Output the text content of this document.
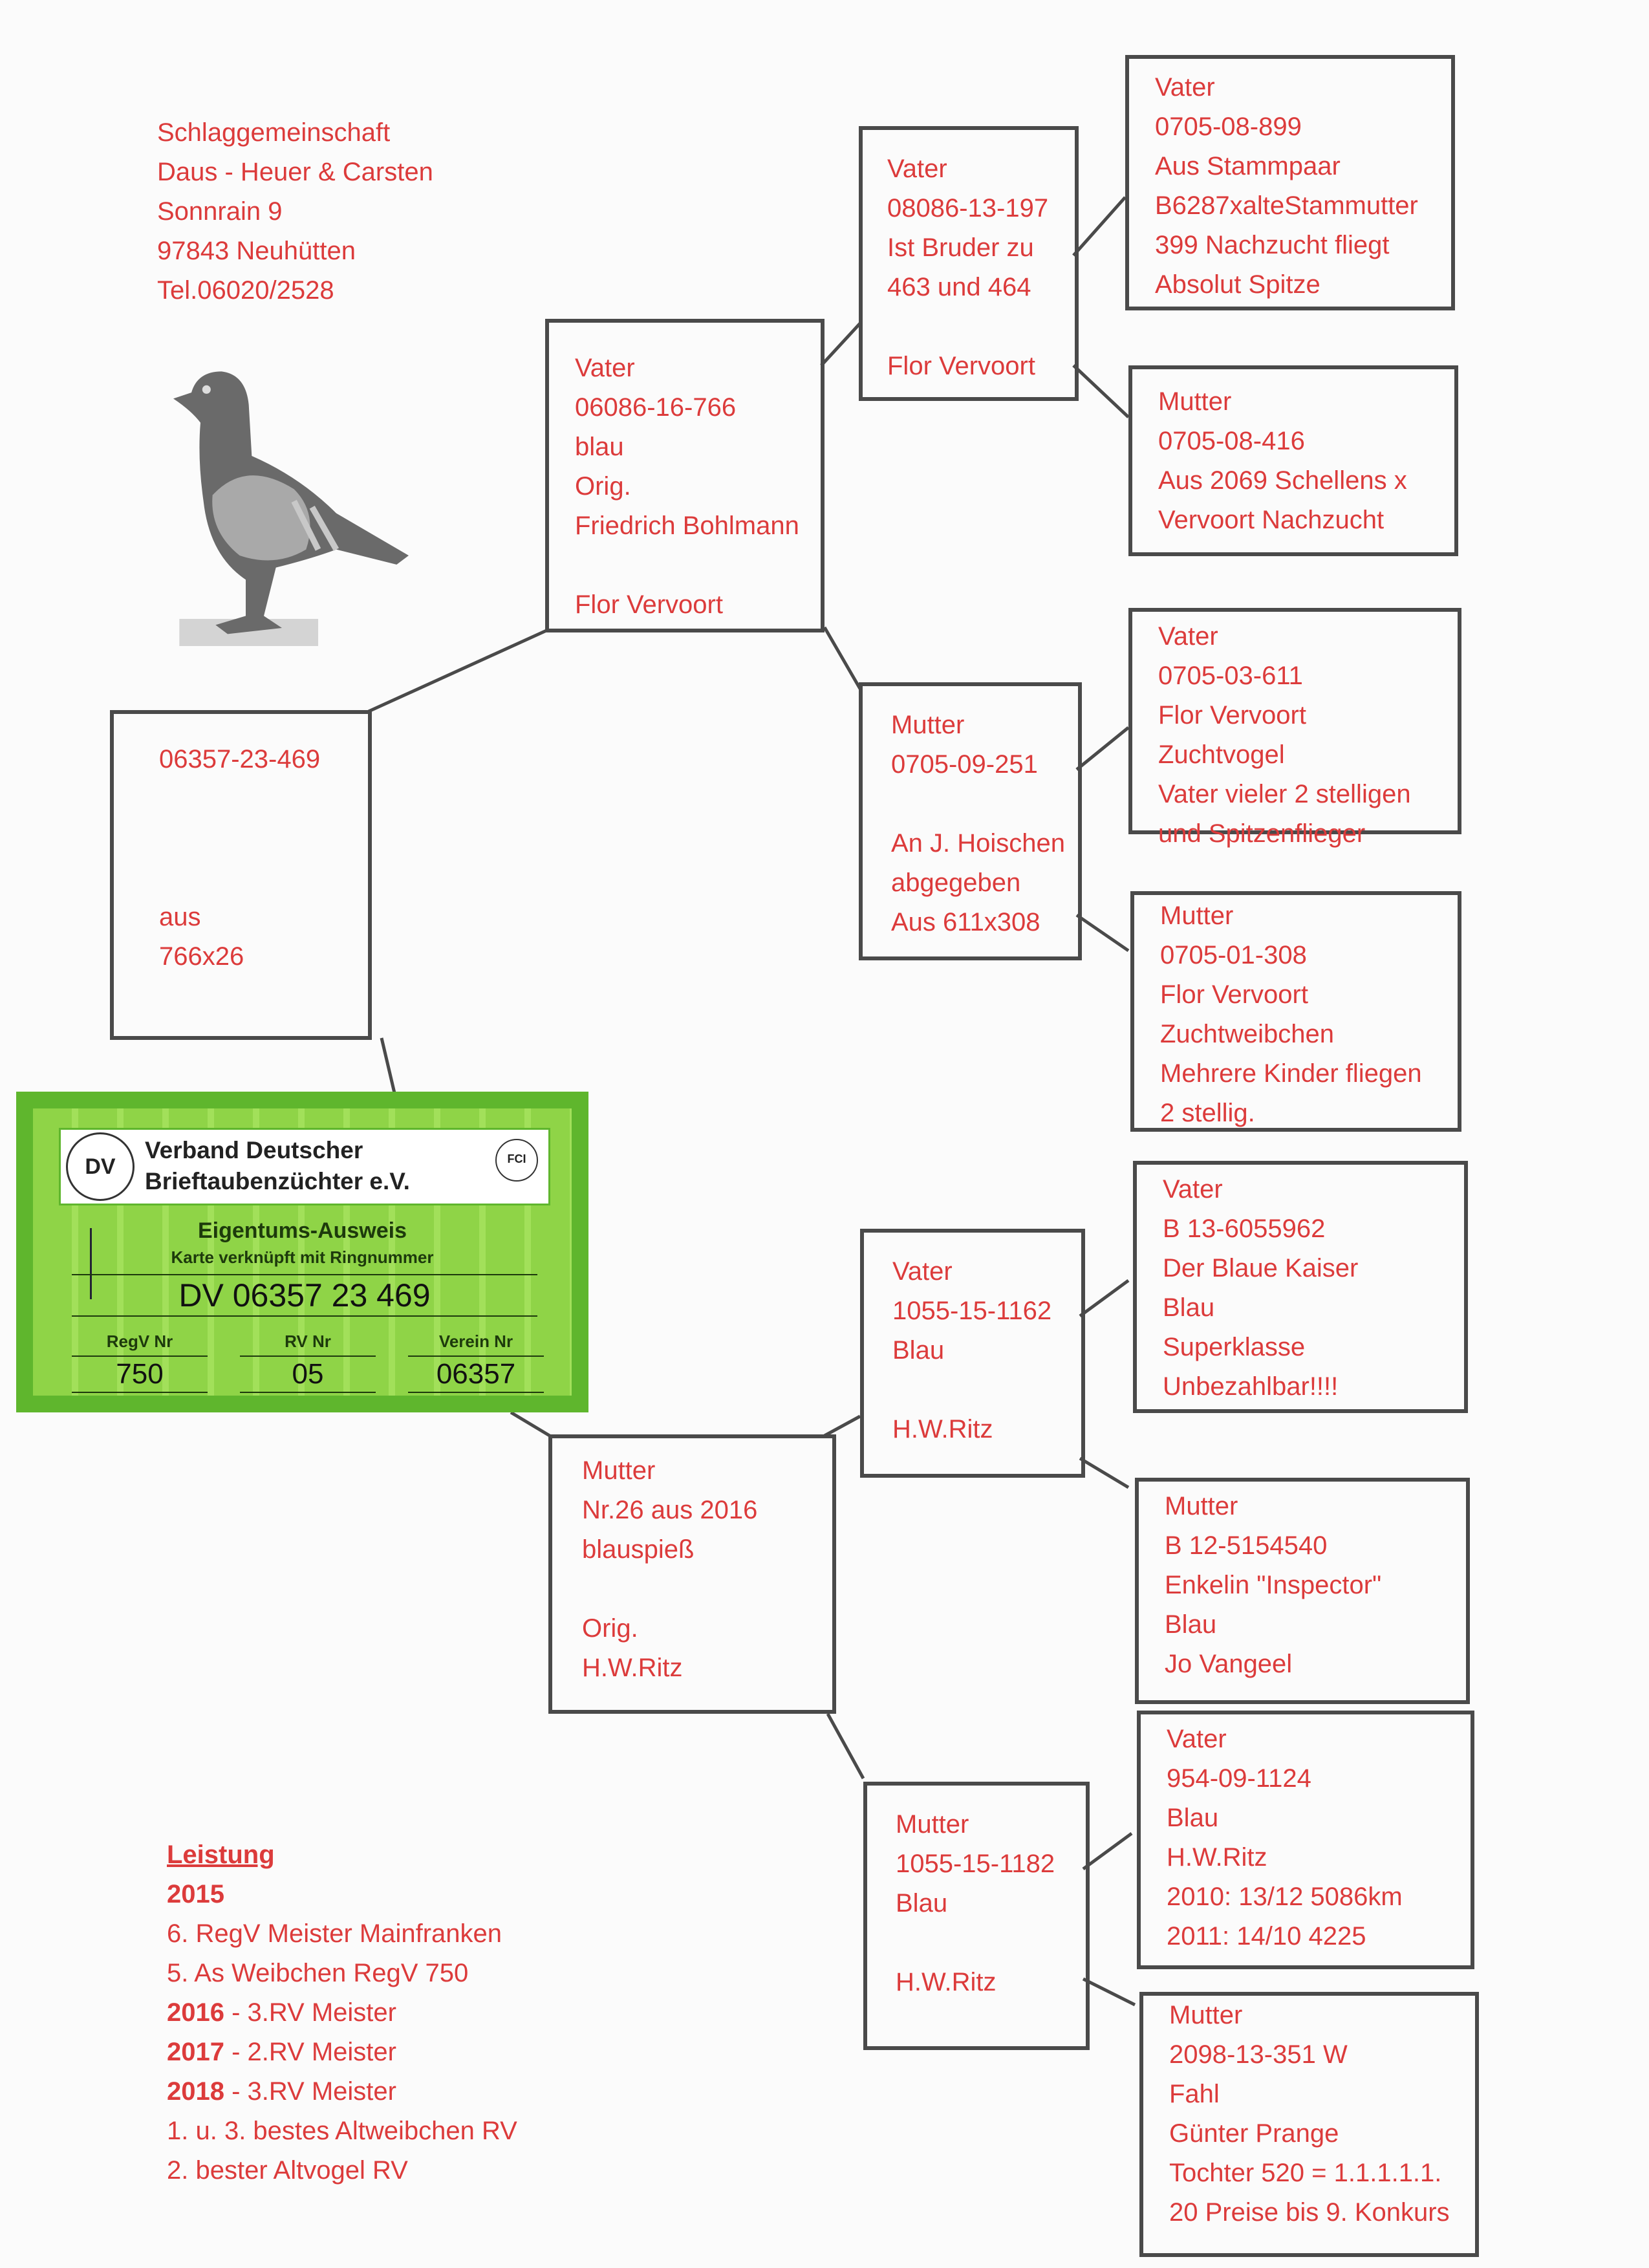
Schlaggemeinschaft
Daus - Heuer & Carsten
Sonnrain 9
97843 Neuhütten
Tel.06020/2528
06357-23-469
aus
766x26
DV
Verband Deutscher
Brieftaubenzüchter e.V.
FCI
Eigentums-Ausweis
Karte verknüpft mit Ringnummer
DV 06357 23 469
RegV Nr
750
RV Nr
05
Verein Nr
06357
Vater
06086-16-766
blau
Orig.
Friedrich Bohlmann
Flor Vervoort
Mutter
Nr.26 aus 2016
blauspieß
Orig.
H.W.Ritz
Vater
08086-13-197
Ist Bruder zu
463 und 464
Flor Vervoort
Mutter
0705-09-251
An J. Hoischen
abgegeben
Aus 611x308
Vater
1055-15-1162
Blau
H.W.Ritz
Mutter
1055-15-1182
Blau
H.W.Ritz
Vater
0705-08-899
Aus Stammpaar
B6287xalteStammutter
399 Nachzucht fliegt
Absolut Spitze
Mutter
0705-08-416
Aus 2069 Schellens x
Vervoort Nachzucht
Vater
0705-03-611
Flor Vervoort
Zuchtvogel
Vater vieler 2 stelligen
und Spitzenflieger
Mutter
0705-01-308
Flor Vervoort
Zuchtweibchen
Mehrere Kinder fliegen
2 stellig.
Vater
B 13-6055962
Der Blaue Kaiser
Blau
Superklasse
Unbezahlbar!!!!
Mutter
B 12-5154540
Enkelin "Inspector"
Blau
Jo Vangeel
Vater
954-09-1124
Blau
H.W.Ritz
2010: 13/12 5086km
2011: 14/10 4225
Mutter
2098-13-351 W
Fahl
Günter Prange
Tochter 520 = 1.1.1.1.1.
20 Preise bis 9. Konkurs
Leistung
2015
6. RegV Meister Mainfranken
5. As Weibchen RegV 750
2016 - 3.RV Meister
2017 - 2.RV Meister
2018 - 3.RV Meister
1. u. 3. bestes Altweibchen RV
2. bester Altvogel RV
